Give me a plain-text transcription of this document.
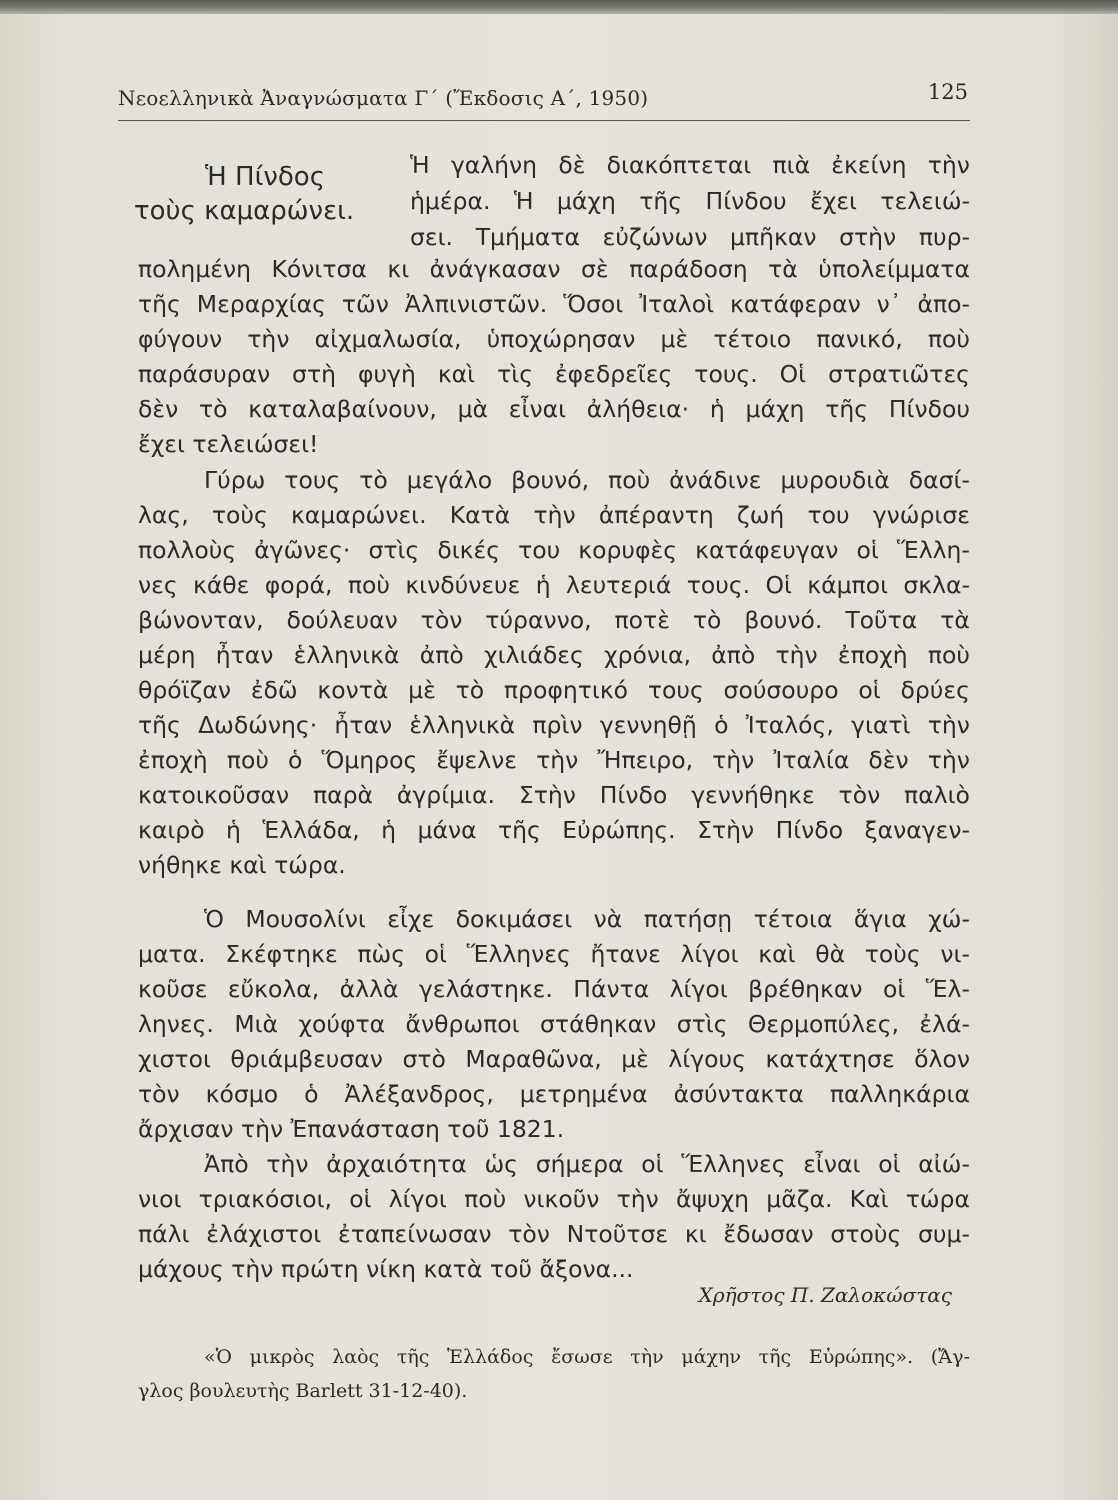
Νεοελληνικὰ Ἀναγνώσματα Γ΄ (Ἔκδοσις Α΄, 1950)	125
Ἡ Πίνδος
τοὺς καμαρώνει.
Ἡ γαλήνη δὲ διακόπτεται πιὰ ἐκείνη τὴν
ἡμέρα. Ἡ μάχη τῆς Πίνδου ἔχει τελειώ-
σει. Τμήματα εὐζώνων μπῆκαν στὴν πυρ-
πολημένη Κόνιτσα κι ἀνάγκασαν σὲ παράδοση τὰ ὑπολείμματα
τῆς Μεραρχίας τῶν Ἀλπινιστῶν. Ὅσοι Ἰταλοὶ κατάφεραν ν᾿ ἀπο-
φύγουν τὴν αἰχμαλωσία, ὑποχώρησαν μὲ τέτοιο πανικό, ποὺ
παράσυραν στὴ φυγὴ καὶ τὶς ἐφεδρεῖες τους. Οἱ στρατιῶτες
δὲν τὸ καταλαβαίνουν, μὰ εἶναι ἀλήθεια· ἡ μάχη τῆς Πίνδου
ἔχει τελειώσει!
Γύρω τους τὸ μεγάλο βουνό, ποὺ ἀνάδινε μυρουδιὰ δασί-
λας, τοὺς καμαρώνει. Κατὰ τὴν ἀπέραντη ζωή του γνώρισε
πολλοὺς ἀγῶνες· στὶς δικές του κορυφὲς κατάφευγαν οἱ Ἕλλη-
νες κάθε φορά, ποὺ κινδύνευε ἡ λευτεριά τους. Οἱ κάμποι σκλα-
βώνονταν, δούλευαν τὸν τύραννο, ποτὲ τὸ βουνό. Τοῦτα τὰ
μέρη ἦταν ἑλληνικὰ ἀπὸ χιλιάδες χρόνια, ἀπὸ τὴν ἐποχὴ ποὺ
θρόϊζαν ἐδῶ κοντὰ μὲ τὸ προφητικό τους σούσουρο οἱ δρύες
τῆς Δωδώνης· ἦταν ἑλληνικὰ πρὶν γεννηθῇ ὁ Ἰταλός, γιατὶ τὴν
ἐποχὴ ποὺ ὁ Ὅμηρος ἔψελνε τὴν Ἤπειρο, τὴν Ἰταλία δὲν τὴν
κατοικοῦσαν παρὰ ἀγρίμια. Στὴν Πίνδο γεννήθηκε τὸν παλιὸ
καιρὸ ἡ Ἑλλάδα, ἡ μάνα τῆς Εὐρώπης. Στὴν Πίνδο ξαναγεν-
νήθηκε καὶ τώρα.
Ὁ Μουσολίνι εἶχε δοκιμάσει νὰ πατήσῃ τέτοια ἅγια χώ-
ματα. Σκέφτηκε πὼς οἱ Ἕλληνες ἤτανε λίγοι καὶ θὰ τοὺς νι-
κοῦσε εὔκολα, ἀλλὰ γελάστηκε. Πάντα λίγοι βρέθηκαν οἱ Ἕλ-
ληνες. Μιὰ χούφτα ἄνθρωποι στάθηκαν στὶς Θερμοπύλες, ἐλά-
χιστοι θριάμβευσαν στὸ Μαραθῶνα, μὲ λίγους κατάχτησε ὅλον
τὸν κόσμο ὁ Ἀλέξανδρος, μετρημένα ἀσύντακτα παλληκάρια
ἄρχισαν τὴν Ἐπανάσταση τοῦ 1821.
Ἀπὸ τὴν ἀρχαιότητα ὡς σήμερα οἱ Ἕλληνες εἶναι οἱ αἰώ-
νιοι τριακόσιοι, οἱ λίγοι ποὺ νικοῦν τὴν ἄψυχη μᾶζα. Καὶ τώρα
πάλι ἐλάχιστοι ἐταπείνωσαν τὸν Ντοῦτσε κι ἔδωσαν στοὺς συμ-
μάχους τὴν πρώτη νίκη κατὰ τοῦ ἄξονα...
Χρῆστος Π. Ζαλοκώστας
«Ὁ μικρὸς λαὸς τῆς Ἑλλάδος ἔσωσε τὴν μάχην τῆς Εὐρώπης». (Ἄγ-
γλος βουλευτὴς Barlett 31-12-40).
